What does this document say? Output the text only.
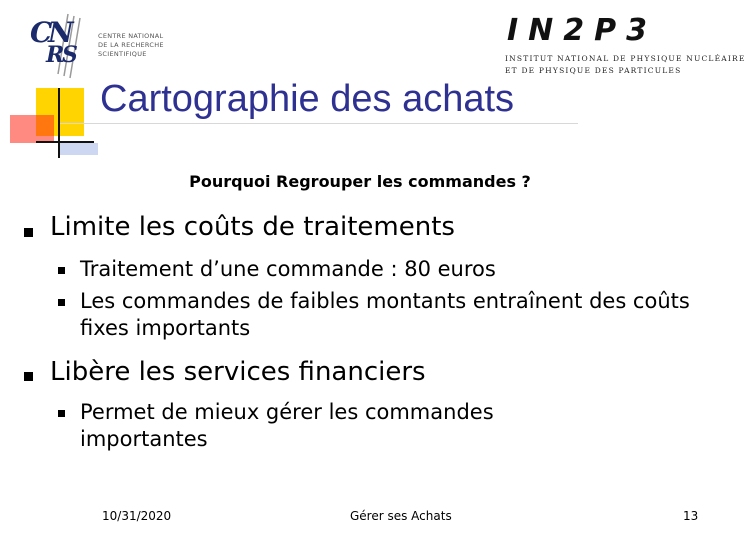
C
N
R
S
CENTRE NATIONAL
DE LA RECHERCHE
SCIENTIFIQUE
IN2P3
INSTITUT NATIONAL DE PHYSIQUE NUCLÉAIRE
ET DE PHYSIQUE DES PARTICULES
Cartographie des achats
Pourquoi Regrouper les commandes ?
Limite les coûts de traitements
Traitement d’une commande : 80 euros
Les commandes de faibles montants entraînent des coûts fixes importants
Libère les services financiers
Permet de mieux gérer les commandes importantes
10/31/2020	Gérer ses Achats	13
